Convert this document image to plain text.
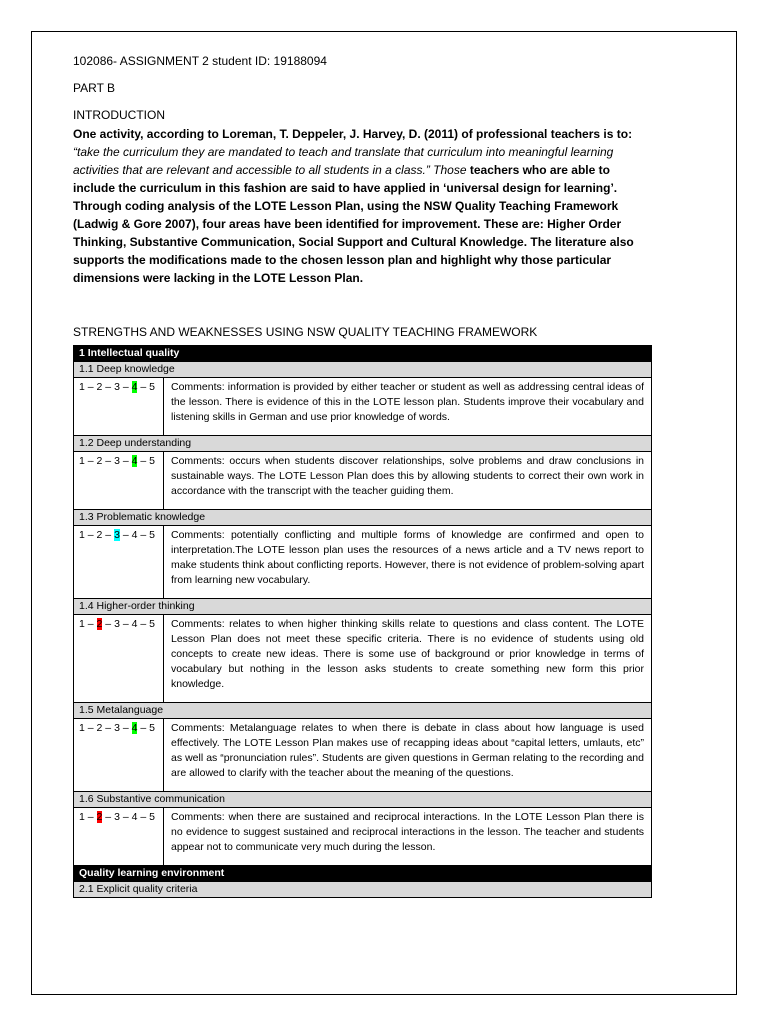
102086- ASSIGNMENT 2 student ID: 19188094
PART B
INTRODUCTION
One activity, according to Loreman, T. Deppeler, J. Harvey, D. (2011) of professional teachers is to: “take the curriculum they are mandated to teach and translate that curriculum into meaningful learning activities that are relevant and accessible to all students in a class.” Those teachers who are able to include the curriculum in this fashion are said to have applied in ‘universal design for learning’. Through coding analysis of the LOTE Lesson Plan, using the NSW Quality Teaching Framework (Ladwig & Gore 2007), four areas have been identified for improvement. These are: Higher Order Thinking, Substantive Communication, Social Support and Cultural Knowledge. The literature also supports the modifications made to the chosen lesson plan and highlight why those particular dimensions were lacking in the LOTE Lesson Plan.
STRENGTHS AND WEAKNESSES USING NSW QUALITY TEACHING FRAMEWORK
1 Intellectual quality	
1.1 Deep knowledge	
1 – 2 – 3 – 4 – 5	Comments: information is provided by either teacher or student as well as addressing central ideas of the lesson. There is evidence of this in the LOTE lesson plan. Students improve their vocabulary and listening skills in German and use prior knowledge of words.
1.2 Deep understanding	
1 – 2 – 3 – 4 – 5	Comments: occurs when students discover relationships, solve problems and draw conclusions in sustainable ways. The LOTE Lesson Plan does this by allowing students to correct their own work in accordance with the transcript with the teacher guiding them.
1.3 Problematic knowledge	
1 – 2 – 3 – 4 – 5	Comments: potentially conflicting and multiple forms of knowledge are confirmed and open to interpretation.The LOTE lesson plan uses the resources of a news article and a TV news report to make students think about conflicting reports. However, there is not evidence of problem-solving apart from learning new vocabulary.
1.4 Higher-order thinking	
1 – 2 – 3 – 4 – 5	Comments: relates to when higher thinking skills relate to questions and class content. The LOTE Lesson Plan does not meet these specific criteria. There is no evidence of students using old concepts to create new ideas. There is some use of background or prior knowledge in terms of vocabulary but nothing in the lesson asks students to create something new form this prior knowledge.
1.5 Metalanguage	
1 – 2 – 3 – 4 – 5	Comments: Metalanguage relates to when there is debate in class about how language is used effectively. The LOTE Lesson Plan makes use of recapping ideas about “capital letters, umlauts, etc” as well as “pronunciation rules”. Students are given questions in German relating to the recording and are allowed to clarify with the teacher about the meaning of the questions.
1.6 Substantive communication	
1 – 2 – 3 – 4 – 5	Comments: when there are sustained and reciprocal interactions. In the LOTE Lesson Plan there is no evidence to suggest sustained and reciprocal interactions in the lesson. The teacher and students appear not to communicate very much during the lesson.
Quality learning environment	
2.1 Explicit quality criteria	
